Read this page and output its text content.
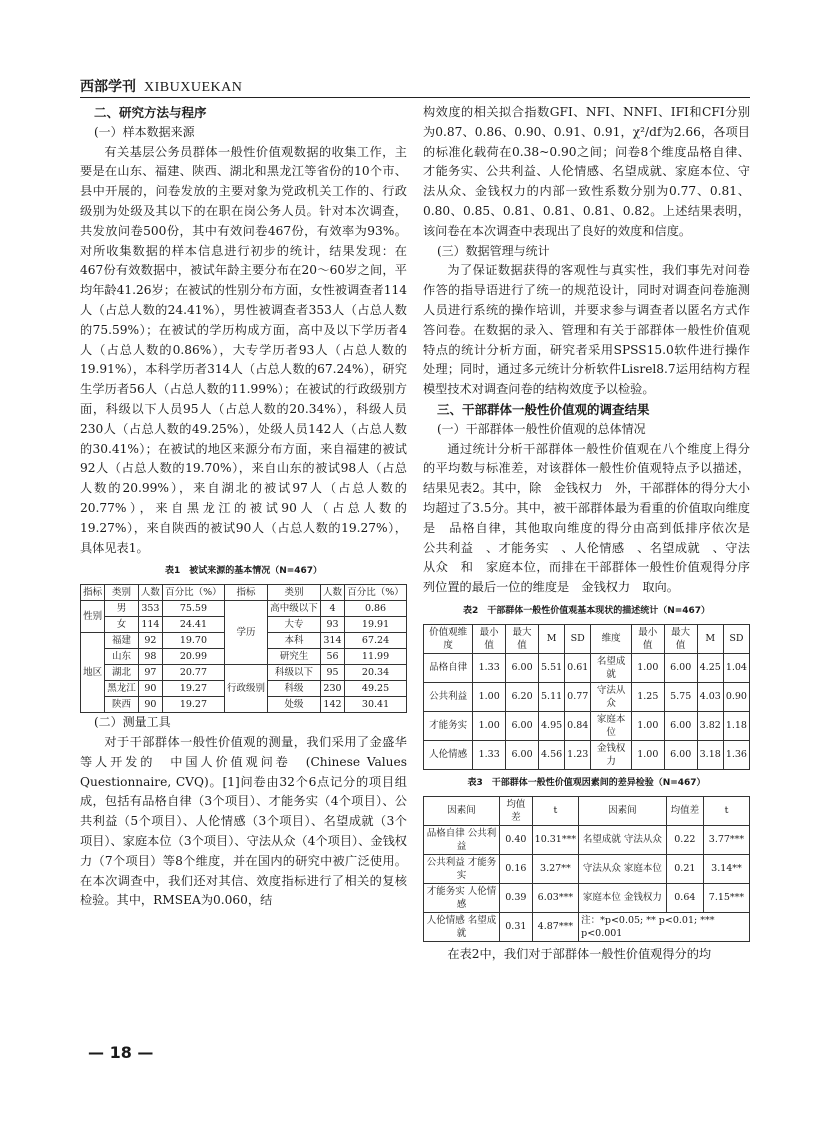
西部学刊 XIBUXUEKAN
二、研究方法与程序
(一）样本数据来源

有关基层公务员群体一般性价值观数据的收集工作，主要是在山东、福建、陕西、湖北和黑龙江等省份的10个市、县中开展的，问卷发放的主要对象为党政机关工作的、行政级别为处级及其以下的在职在岗公务人员。针对本次调查，共发放问卷500份，其中有效问卷467份，有效率为93%。对所收集数据的样本信息进行初步的统计，结果发现：在467份有效数据中，被试年龄主要分布在20～60岁之间，平均年龄41.26岁；在被试的性别分布方面，女性被调查者114人（占总人数的24.41%），男性被调查者353人（占总人数的75.59%）；在被试的学历构成方面，高中及以下学历者4人（占总人数的0.86%），大专学历者93人（占总人数的19.91%），本科学历者314人（占总人数的67.24%），研究生学历者56人（占总人数的11.99%）；在被试的行政级别方面，科级以下人员95人（占总人数的20.34%），科级人员230人（占总人数的49.25%），处级人员142人（占总人数的30.41%）；在被试的地区来源分布方面，来自福建的被试92人（占总人数的19.70%），来自山东的被试98人（占总人数的20.99%），来自湖北的被试97人（占总人数的20.77%），来自黑龙江的被试90人（占总人数的19.27%），来自陕西的被试90人（占总人数的19.27%），具体见表1。

表1　被试来源的基本情况（N=467）
指标	类别	人数	百分比（%）	指标	类别	人数	百分比（%）
性别	男	353	75.59	学历	高中级以下	4	0.86
	女	114	24.41		大专	93	19.91
地区	福建	92	19.70		本科	314	67.24
	山东	98	20.99		研究生	56	11.99
	湖北	97	20.77	行政级别	科级以下	95	20.34
	黑龙江	90	19.27		科级	230	49.25
	陕西	90	19.27		处级	142	30.41
(二）测量工具

对于干部群体一般性价值观的测量，我们采用了金盛华等人开发的　中国人价值观问卷　(Chinese Values Questionnaire, CVQ)。[1]问卷由32个6点记分的项目组成，包括有品格自律（3个项目）、才能务实（4个项目）、公共利益（5个项目）、人伦情感（3个项目）、名望成就（3个项目）、家庭本位（3个项目）、守法从众（4个项目）、金钱权力（7个项目）等8个维度，并在国内的研究中被广泛使用。在本次调查中，我们还对其信、效度指标进行了相关的复核检验。其中，RMSEA为0.060，结

构效度的相关拟合指数GFI、NFI、NNFI、IFI和CFI分别为0.87、0.86、0.90、0.91、0.91，χ²/df为2.66，各项目的标准化载荷在0.38~0.90之间；问卷8个维度品格自律、才能务实、公共利益、人伦情感、名望成就、家庭本位、守法从众、金钱权力的内部一致性系数分别为0.77、0.81、0.80、0.85、0.81、0.81、0.81、0.82。上述结果表明，该问卷在本次调查中表现出了良好的效度和信度。

(三）数据管理与统计

为了保证数据获得的客观性与真实性，我们事先对问卷作答的指导语进行了统一的规范设计，同时对调查问卷施测人员进行系统的操作培训，并要求参与调查者以匿名方式作答问卷。在数据的录入、管理和有关于部群体一般性价值观特点的统计分析方面，研究者采用SPSS15.0软件进行操作处理；同时，通过多元统计分析软件Lisrel8.7运用结构方程模型技术对调查问卷的结构效度予以检验。

三、干部群体一般性价值观的调查结果
(一）干部群体一般性价值观的总体情况

通过统计分析干部群体一般性价值观在八个维度上得分的平均数与标准差，对该群体一般性价值观特点予以描述，结果见表2。其中，除　金钱权力　外，干部群体的得分大小均超过了3.5分。其中，被干部群体最为看重的价值取向维度是　品格自律，其他取向维度的得分由高到低排序依次是　公共利益　、才能务实　、人伦情感　、名望成就　、守法从众　和　家庭本位，而排在干部群体一般性价值观得分序列位置的最后一位的维度是　金钱权力　取向。

表2　干部群体一般性价值观基本现状的描述统计（N=467）
价值观维度	最小值	最大值	M	SD	维度	最小值	最大值	M	SD
品格自律	1.33	6.00	5.51	0.61	名望成就	1.00	6.00	4.25	1.04
公共利益	1.00	6.20	5.11	0.77	守法从众	1.25	5.75	4.03	0.90
才能务实	1.00	6.00	4.95	0.84	家庭本位	1.00	6.00	3.82	1.18
人伦情感	1.33	6.00	4.56	1.23	金钱权力	1.00	6.00	3.18	1.36
表3　干部群体一般性价值观因素间的差异检验（N=467）
因素间	均值差	t	因素间	均值差	t
品格自律 公共利益	0.40	10.31***	名望成就 守法从众	0.22	3.77***
公共利益 才能务实	0.16	3.27**	守法从众 家庭本位	0.21	3.14**
才能务实 人伦情感	0.39	6.03***	家庭本位 金钱权力	0.64	7.15***
人伦情感 名望成就	0.31	4.87***	注：*p<0.05; ** p<0.01; *** p<0.001		

在表2中，我们对于部群体一般性价值观得分的均

— 18 —
